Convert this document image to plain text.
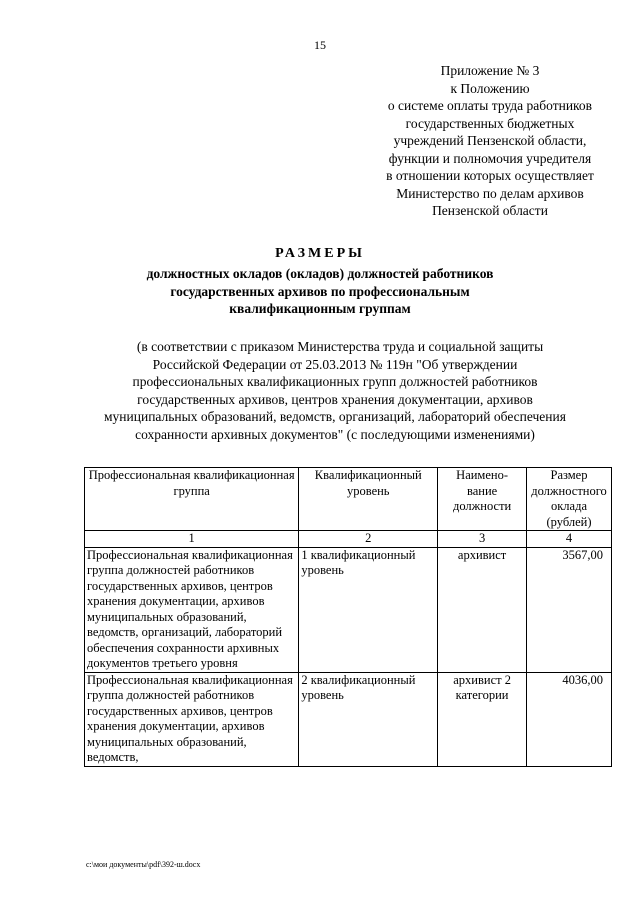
15
Приложение № 3
к Положению
о системе оплаты труда работников
государственных бюджетных
учреждений Пензенской области,
функции и полномочия учредителя
в отношении которых осуществляет
Министерство по делам архивов
Пензенской области
РАЗМЕРЫ
должностных окладов (окладов) должностей работников
государственных архивов по профессиональным
квалификационным группам
(в соответствии с приказом Министерства труда и социальной защиты
Российской Федерации от 25.03.2013 № 119н "Об утверждении
профессиональных квалификационных групп должностей работников
государственных архивов, центров хранения документации, архивов
муниципальных образований, ведомств, организаций, лабораторий обеспечения
сохранности архивных документов" (с последующими изменениями)
Профессиональная квалификационная группа	Квалификационный уровень	Наимено- вание должности	Размер должностного оклада (рублей)
1	2	3	4
Профессиональная квалификационная группа должностей работников государственных архивов, центров хранения документации, архивов муниципальных образований, ведомств, организаций, лабораторий обеспечения сохранности архивных документов третьего уровня	1 квалификационный уровень	архивист	3567,00
Профессиональная квалификационная группа должностей работников государственных архивов, центров хранения документации, архивов муниципальных образований, ведомств,	2 квалификационный уровень	архивист 2 категории	4036,00
c:\мои документы\pdf\392-ш.docx
